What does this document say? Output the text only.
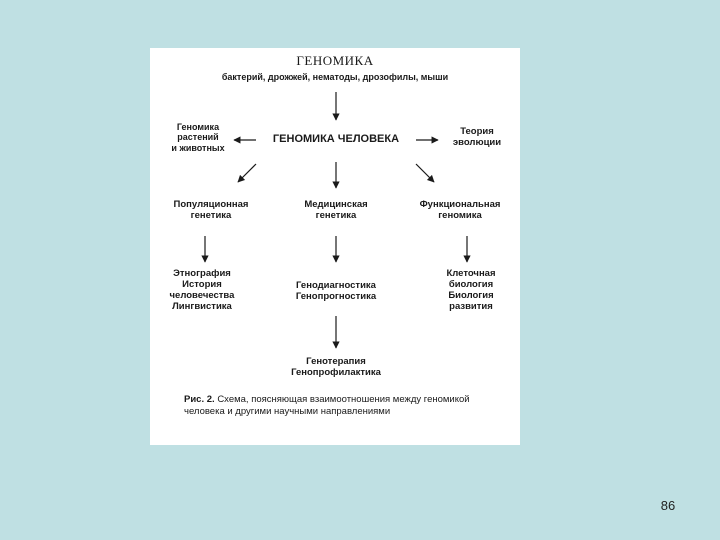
ГЕНОМИКА
бактерий, дрожжей, нематоды, дрозофилы, мыши
ГЕНОМИКА ЧЕЛОВЕКА
Геномика
растений
и животных
Теория
эволюции
Популяционная
генетика
Медицинская
генетика
Функциональная
геномика
Этнография
История
человечества
Лингвистика
Генодиагностика
Генопрогностика
Клеточная
биология
Биология
развития
Генотерапия
Генопрофилактика
Рис. 2. Схема, поясняющая взаимоотношения между геномикой человека и другими научными направлениями
86
